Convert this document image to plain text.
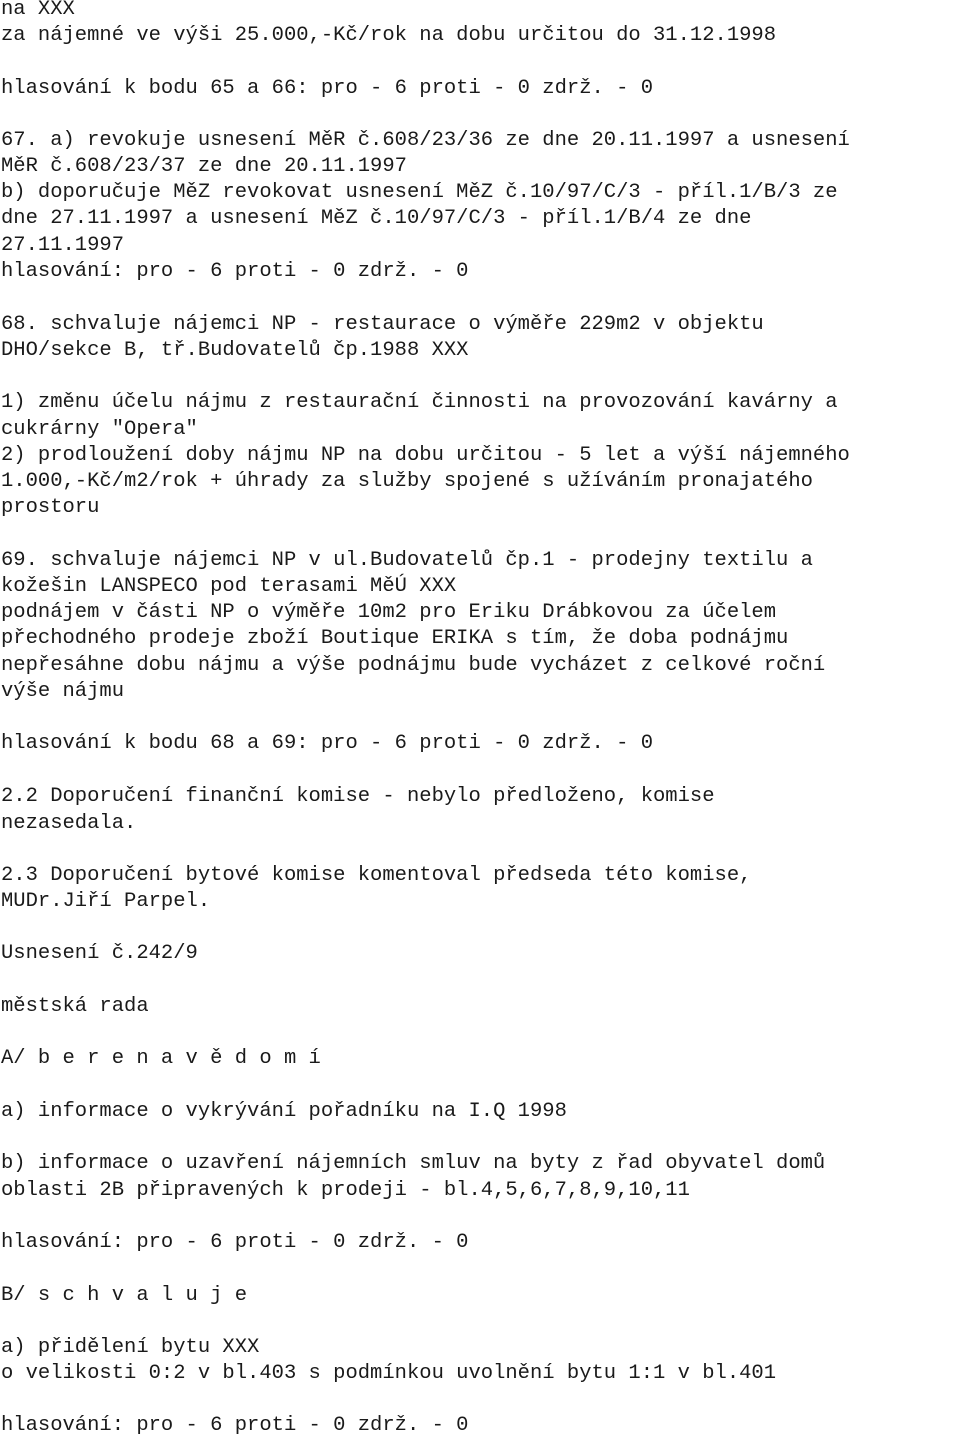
na XXX
za nájemné ve výši 25.000,-Kč/rok na dobu určitou do 31.12.1998
hlasování k bodu 65 a 66: pro - 6 proti - 0 zdrž. - 0
67. a) revokuje usnesení MěR č.608/23/36 ze dne 20.11.1997 a usnesení
MěR č.608/23/37 ze dne 20.11.1997
b) doporučuje MěZ revokovat usnesení MěZ č.10/97/C/3 - příl.1/B/3 ze
dne 27.11.1997 a usnesení MěZ č.10/97/C/3 - příl.1/B/4 ze dne
27.11.1997
hlasování: pro - 6 proti - 0 zdrž. - 0
68. schvaluje nájemci NP - restaurace o výměře 229m2 v objektu
DHO/sekce B, tř.Budovatelů čp.1988 XXX
1) změnu účelu nájmu z restaurační činnosti na provozování kavárny a
cukrárny "Opera"
2) prodloužení doby nájmu NP na dobu určitou - 5 let a výší nájemného
1.000,-Kč/m2/rok + úhrady za služby spojené s užíváním pronajatého
prostoru
69. schvaluje nájemci NP v ul.Budovatelů čp.1 - prodejny textilu a
kožešin LANSPECO pod terasami MěÚ XXX
podnájem v části NP o výměře 10m2 pro Eriku Drábkovou za účelem
přechodného prodeje zboží Boutique ERIKA s tím, že doba podnájmu
nepřesáhne dobu nájmu a výše podnájmu bude vycházet z celkové roční
výše nájmu
hlasování k bodu 68 a 69: pro - 6 proti - 0 zdrž. - 0
2.2 Doporučení finanční komise - nebylo předloženo, komise
nezasedala.
2.3 Doporučení bytové komise komentoval předseda této komise,
MUDr.Jiří Parpel.
Usnesení č.242/9
městská rada
A/ b e r e n a v ě d o m í
a) informace o vykrývání pořadníku na I.Q 1998
b) informace o uzavření nájemních smluv na byty z řad obyvatel domů
oblasti 2B připravených k prodeji - bl.4,5,6,7,8,9,10,11
hlasování: pro - 6 proti - 0 zdrž. - 0
B/ s c h v a l u j e
a) přidělení bytu XXX
o velikosti 0:2 v bl.403 s podmínkou uvolnění bytu 1:1 v bl.401
hlasování: pro - 6 proti - 0 zdrž. - 0
